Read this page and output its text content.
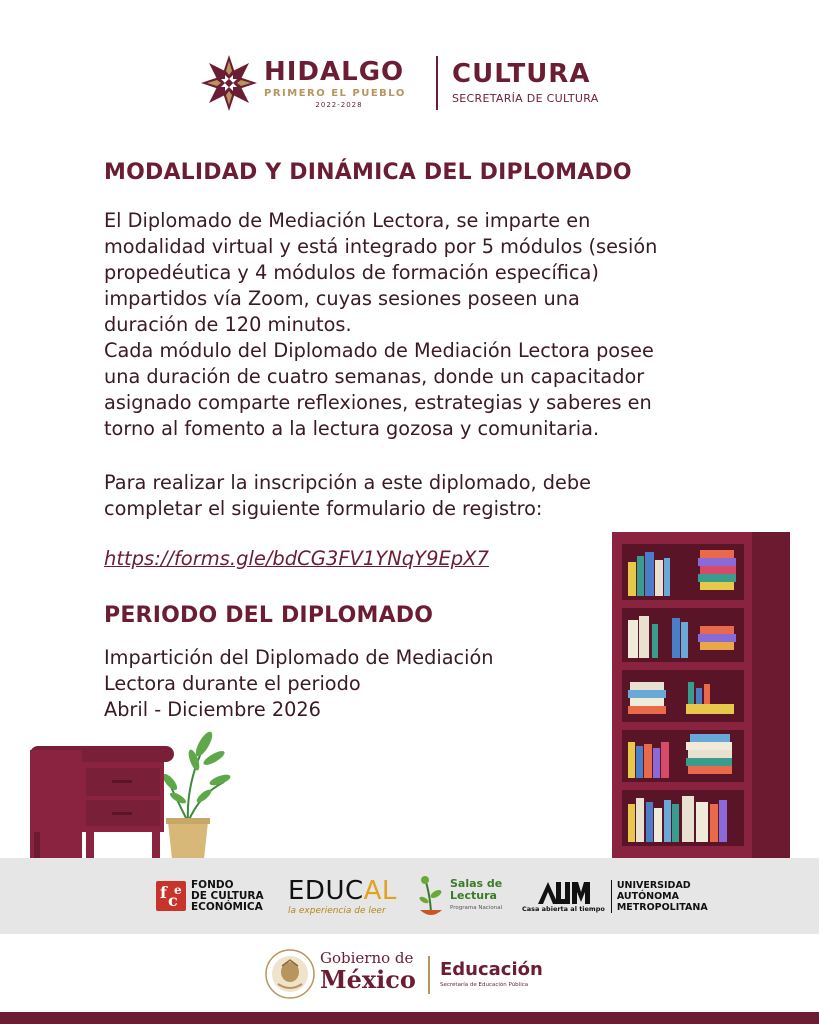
HIDALGO
PRIMERO EL PUEBLO
2022-2028
CULTURA
SECRETARÍA DE CULTURA
MODALIDAD Y DINÁMICA DEL DIPLOMADO
El Diplomado de Mediación Lectora, se imparte en
modalidad virtual y está integrado por 5 módulos (sesión
propedéutica y 4 módulos de formación específica)
impartidos vía Zoom, cuyas sesiones poseen una
duración de 120 minutos.
Cada módulo del Diplomado de Mediación Lectora posee
una duración de cuatro semanas, donde un capacitador
asignado comparte reflexiones, estrategias y saberes en
torno al fomento a la lectura gozosa y comunitaria.
Para realizar la inscripción a este diplomado, debe
completar el siguiente formulario de registro:
https://forms.gle/bdCG3FV1YNqY9EpX7
PERIODO DEL DIPLOMADO
Impartición del Diplomado de Mediación
Lectora durante el periodo
Abril - Diciembre 2026
f c
e FONDO
DE CULTURA
ECONÓMICA
EDUCAL
la experiencia de leer
Salas de
Lectura
Programa Nacional	Casa abierta al tiempo
UNIVERSIDAD
AUTÓNOMA
METROPOLITANA
Gobierno de
México Educación
Secretaría de Educación Pública
